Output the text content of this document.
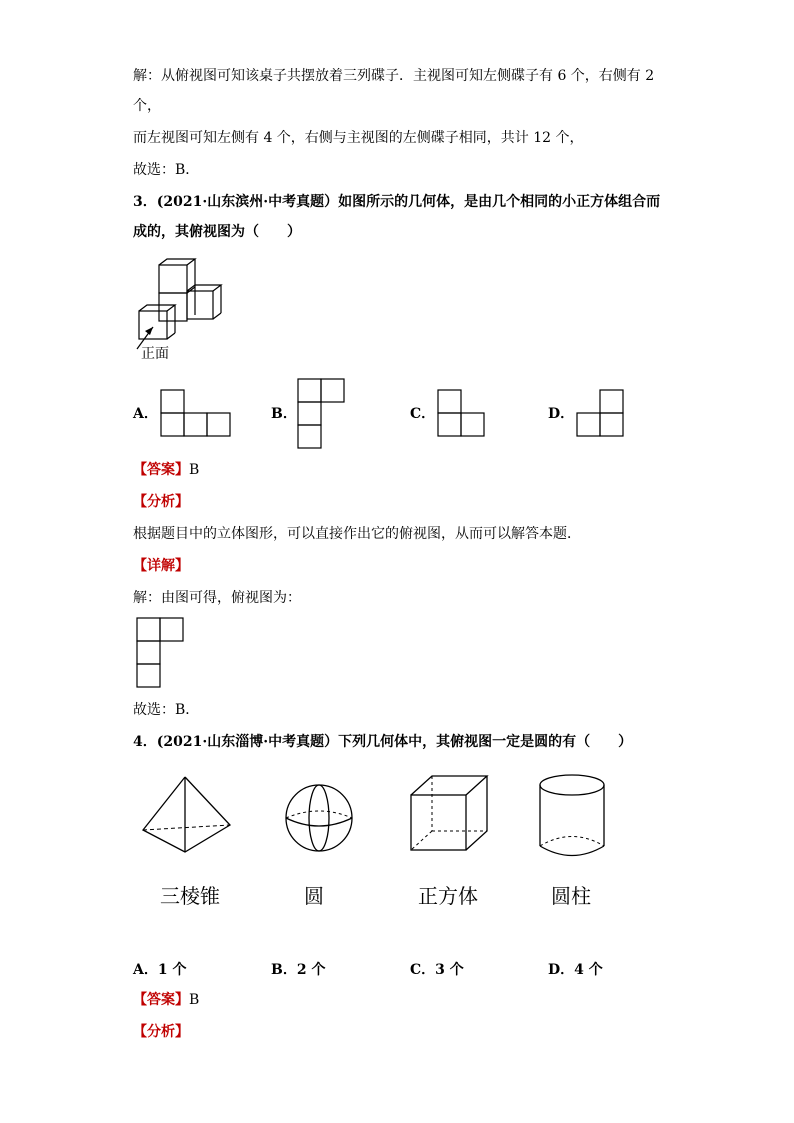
解：从俯视图可知该桌子共摆放着三列碟子．主视图可知左侧碟子有 6 个，右侧有 2
个，
而左视图可知左侧有 4 个，右侧与主视图的左侧碟子相同，共计 12 个，
故选：B．
3．(2021·山东滨州·中考真题）如图所示的几何体，是由几个相同的小正方体组合而
成的，其俯视图为（　　）
正面
A．	B．	C．	D．
【答案】B
【分析】
根据题目中的立体图形，可以直接作出它的俯视图，从而可以解答本题．
【详解】
解：由图可得，俯视图为：
故选：B．
4．(2021·山东淄博·中考真题）下列几何体中，其俯视图一定是圆的有（　　）
三棱锥	圆	正方体	圆柱
A．1 个	B．2 个	C．3 个	D．4 个
【答案】B
【分析】
